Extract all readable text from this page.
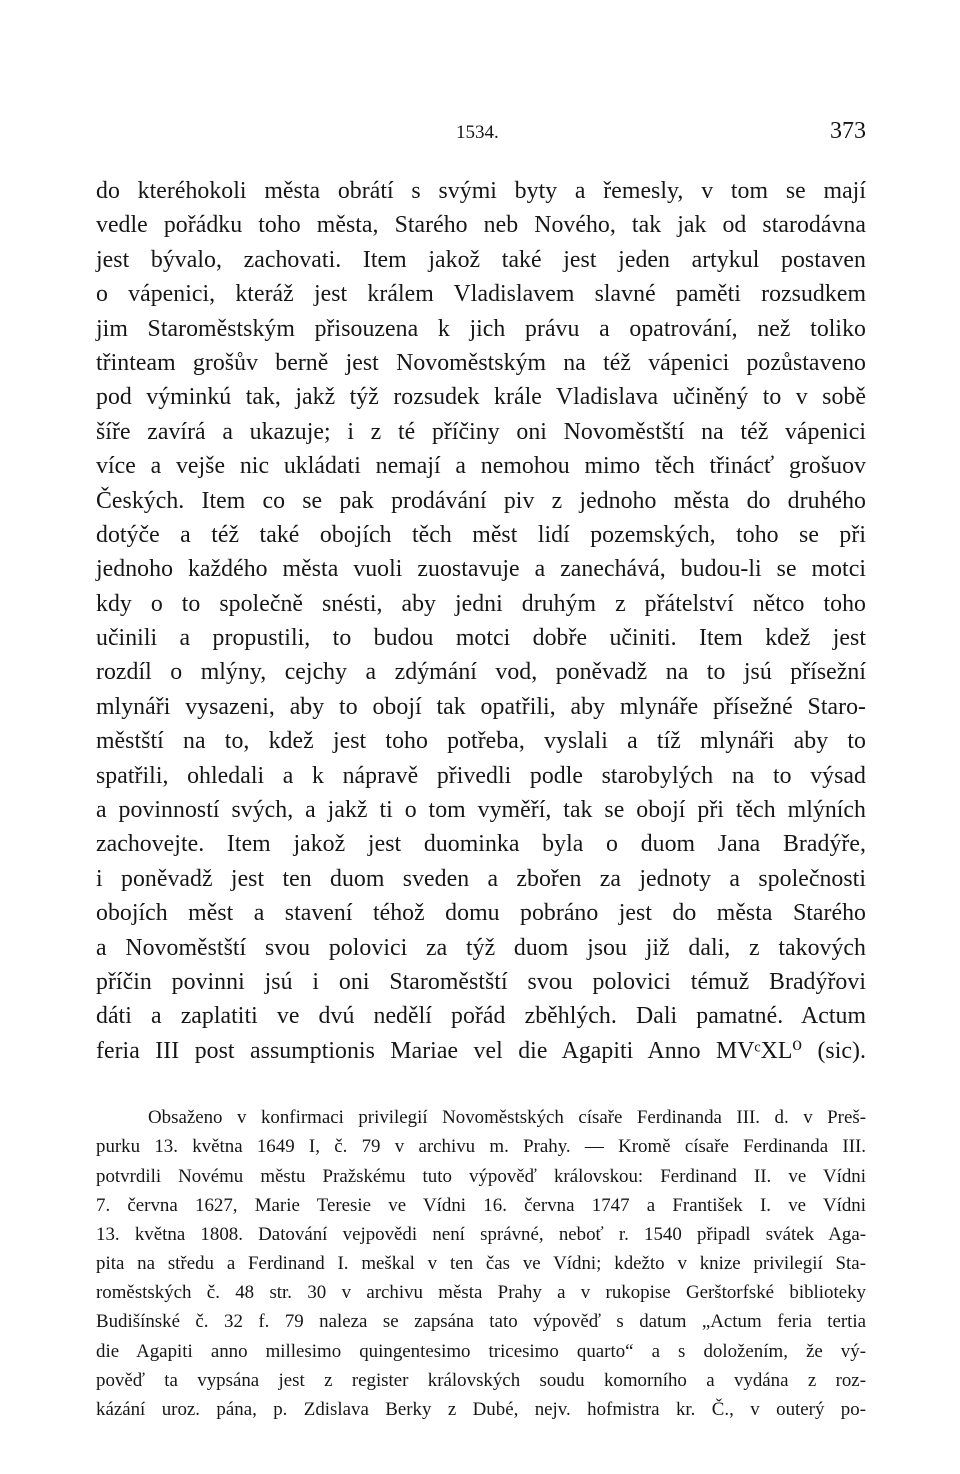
1534.	373
do kteréhokoli města obrátí s svými byty a řemesly, v tom se mají
vedle pořádku toho města, Starého neb Nového, tak jak od starodávna
jest bývalo, zachovati. Item jakož také jest jeden artykul postaven
o vápenici, kteráž jest králem Vladislavem slavné paměti rozsudkem
jim Staroměstským přisouzena k jich právu a opatrování, než toliko
třinteam grošův berně jest Novoměstským na též vápenici pozůstaveno
pod výminkú tak, jakž týž rozsudek krále Vladislava učiněný to v sobě
šíře zavírá a ukazuje; i z té příčiny oni Novoměstští na též vápenici
více a vejše nic ukládati nemají a nemohou mimo těch třinácť grošuov
Českých. Item co se pak prodávání piv z jednoho města do druhého
dotýče a též také obojích těch měst lidí pozemských, toho se při
jednoho každého města vuoli zuostavuje a zanechává, budou-li se motci
kdy o to společně snésti, aby jedni druhým z přátelství nětco toho
učinili a propustili, to budou motci dobře učiniti. Item kdež jest
rozdíl o mlýny, cejchy a zdýmání vod, poněvadž na to jsú přísežní
mlynáři vysazeni, aby to obojí tak opatřili, aby mlynáře přísežné Staro-
městští na to, kdež jest toho potřeba, vyslali a tíž mlynáři aby to
spatřili, ohledali a k nápravě přivedli podle starobylých na to výsad
a povinností svých, a jakž ti o tom vyměří, tak se obojí při těch mlýních
zachovejte. Item jakož jest duominka byla o duom Jana Bradýře,
i poněvadž jest ten duom sveden a zbořen za jednoty a společnosti
obojích měst a stavení téhož domu pobráno jest do města Starého
a Novoměstští svou polovici za týž duom jsou již dali, z takových
příčin povinni jsú i oni Staroměstští svou polovici témuž Bradýřovi
dáti a zaplatiti ve dvú nedělí pořád zběhlých. Dali pamatné. Actum
feria III post assumptionis Mariae vel die Agapiti Anno MVᶜXL⁰ (sic).
Obsaženo v konfirmaci privilegií Novoměstských císaře Ferdinanda III. d. v Preš-
purku 13. května 1649 I, č. 79 v archivu m. Prahy. — Kromě císaře Ferdinanda III.
potvrdili Novému městu Pražskému tuto výpověď královskou: Ferdinand II. ve Vídni
7. června 1627, Marie Teresie ve Vídni 16. června 1747 a František I. ve Vídni
13. května 1808. Datování vejpovědi není správné, neboť r. 1540 připadl svátek Aga-
pita na středu a Ferdinand I. meškal v ten čas ve Vídni; kdežto v knize privilegií Sta-
roměstských č. 48 str. 30 v archivu města Prahy a v rukopise Gerštorfské biblioteky
Budišínské č. 32 f. 79 naleza se zapsána tato výpověď s datum „Actum feria tertia
die Agapiti anno millesimo quingentesimo tricesimo quarto“ a s doložením, že vý-
pověď ta vypsána jest z register královských soudu komorního a vydána z roz-
kázání uroz. pána, p. Zdislava Berky z Dubé, nejv. hofmistra kr. Č., v outerý po-
